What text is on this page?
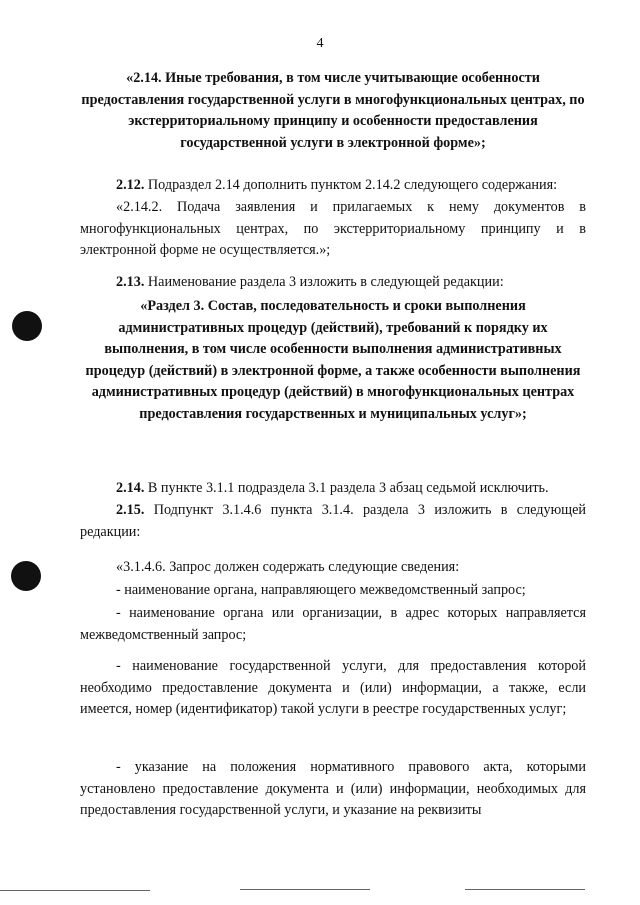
4
«2.14. Иные требования, в том числе учитывающие особенности предоставления государственной услуги в многофункциональных центрах, по экстерриториальному принципу и особенности предоставления государственной услуги в электронной форме»;
2.12. Подраздел 2.14 дополнить пунктом 2.14.2 следующего содержания:
«2.14.2. Подача заявления и прилагаемых к нему документов в многофункциональных центрах, по экстерриториальному принципу и в электронной форме не осуществляется.»;
2.13. Наименование раздела 3 изложить в следующей редакции:
«Раздел 3. Состав, последовательность и сроки выполнения административных процедур (действий), требований к порядку их выполнения, в том числе особенности выполнения административных процедур (действий) в электронной форме, а также особенности выполнения административных процедур (действий) в многофункциональных центрах предоставления государственных и муниципальных услуг»;
2.14. В пункте 3.1.1 подраздела 3.1 раздела 3 абзац седьмой исключить.
2.15. Подпункт 3.1.4.6 пункта 3.1.4. раздела 3 изложить в следующей редакции:
«3.1.4.6. Запрос должен содержать следующие сведения:
- наименование органа, направляющего межведомственный запрос;
- наименование органа или организации, в адрес которых направляется межведомственный запрос;
- наименование государственной услуги, для предоставления которой необходимо предоставление документа и (или) информации, а также, если имеется, номер (идентификатор) такой услуги в реестре государственных услуг;
- указание на положения нормативного правового акта, которыми установлено предоставление документа и (или) информации, необходимых для предоставления государственной услуги, и указание на реквизиты
